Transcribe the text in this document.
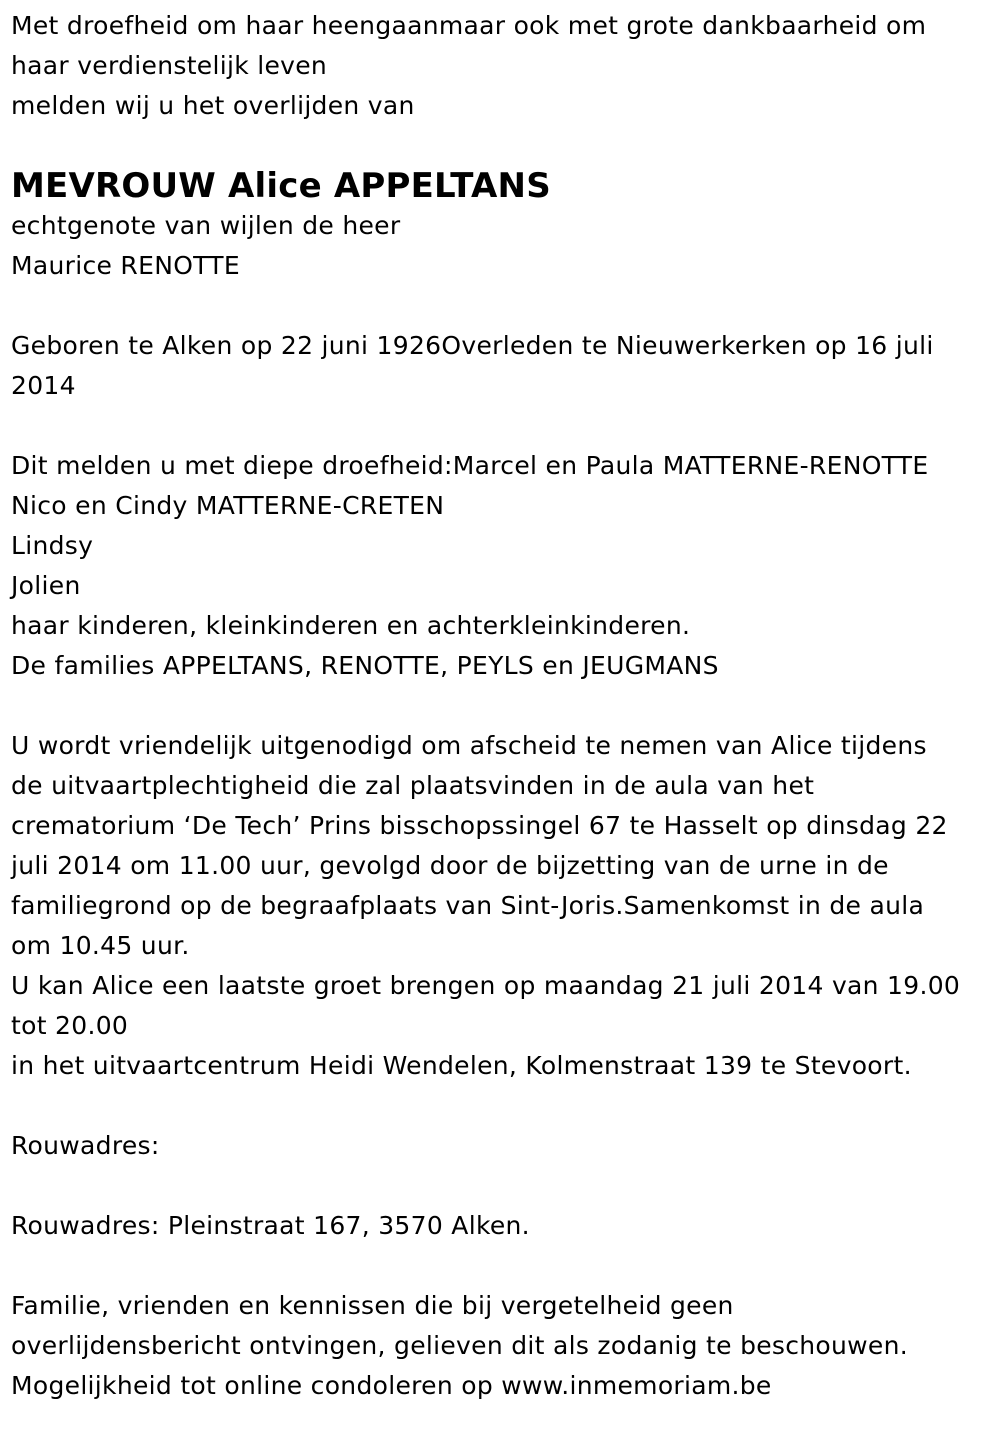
Met droefheid om haar heengaanmaar ook met grote dankbaarheid om
haar verdienstelijk leven
melden wij u het overlijden van
MEVROUW Alice APPELTANS
echtgenote van wijlen de heer
Maurice RENOTTE
Geboren te Alken op 22 juni 1926Overleden te Nieuwerkerken op 16 juli
2014
Dit melden u met diepe droefheid:Marcel en Paula MATTERNE-RENOTTE
Nico en Cindy MATTERNE-CRETEN
Lindsy
Jolien
haar kinderen, kleinkinderen en achterkleinkinderen.
De families APPELTANS, RENOTTE, PEYLS en JEUGMANS
U wordt vriendelijk uitgenodigd om afscheid te nemen van Alice tijdens
de uitvaartplechtigheid die zal plaatsvinden in de aula van het
crematorium ‘De Tech’ Prins bisschopssingel 67 te Hasselt op dinsdag 22
juli 2014 om 11.00 uur, gevolgd door de bijzetting van de urne in de
familiegrond op de begraafplaats van Sint-Joris.Samenkomst in de aula
om 10.45 uur.
U kan Alice een laatste groet brengen op maandag 21 juli 2014 van 19.00
tot 20.00
in het uitvaartcentrum Heidi Wendelen, Kolmenstraat 139 te Stevoort.
Rouwadres:
Rouwadres: Pleinstraat 167, 3570 Alken.
Familie, vrienden en kennissen die bij vergetelheid geen
overlijdensbericht ontvingen, gelieven dit als zodanig te beschouwen.
Mogelijkheid tot online condoleren op www.inmemoriam.be
